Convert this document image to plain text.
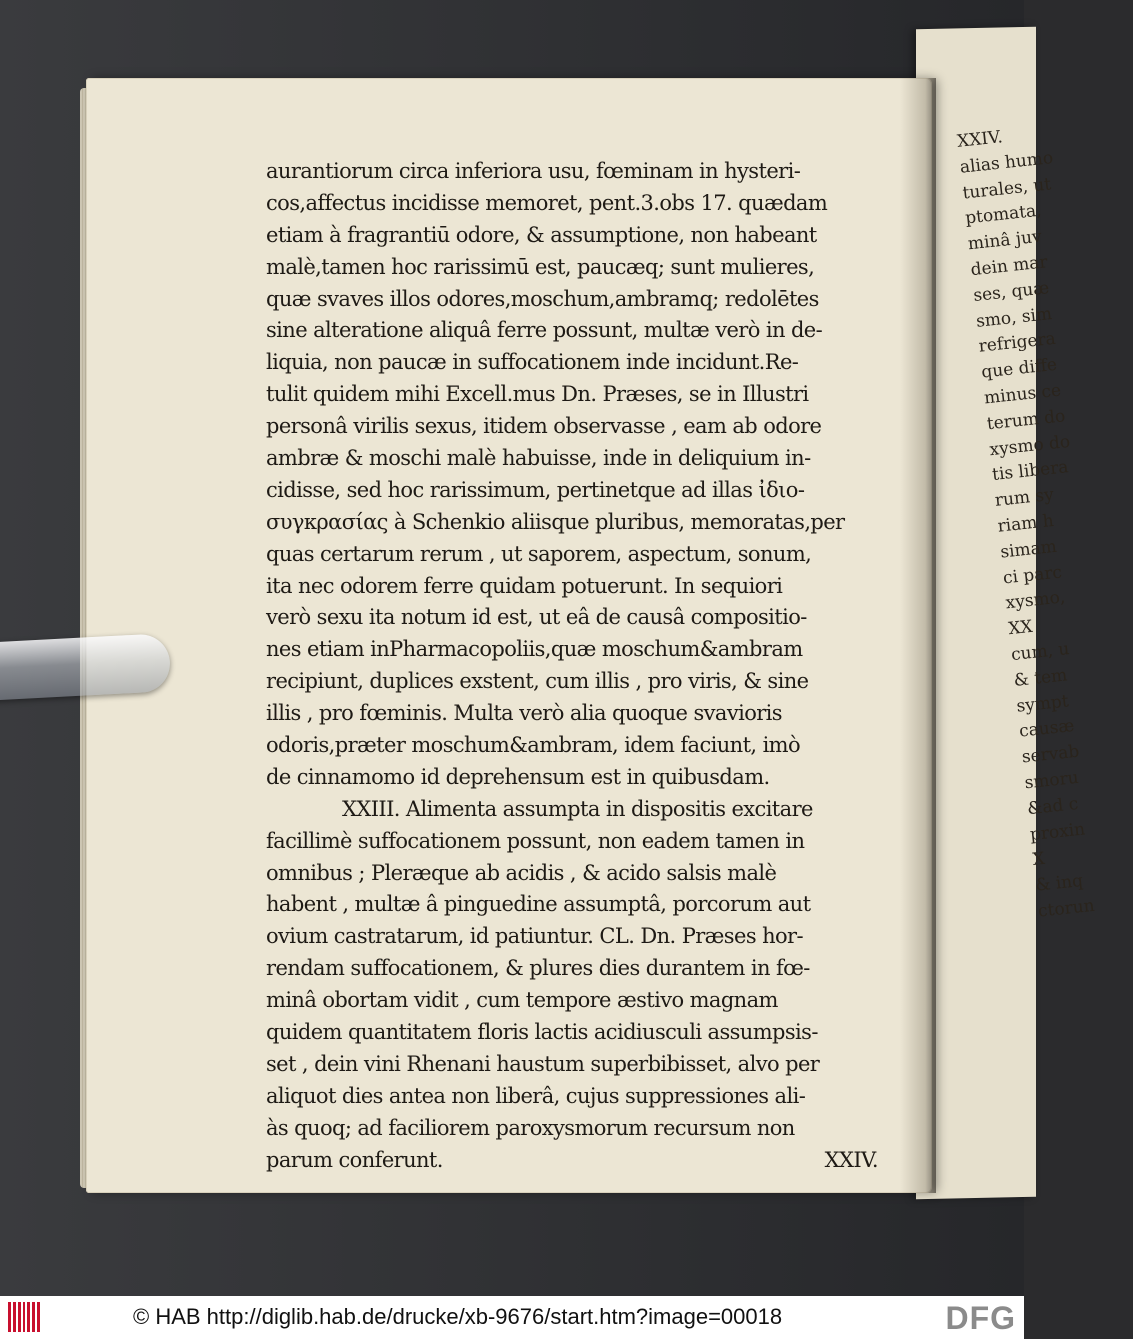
XXIV.
alias humo
turales, ut
ptomata,
minâ juv
dein mar
ses, quæ
smo, sim
refrigera
que diffe
minus ce
terum do
xysmo do
tis libera
rum sy
riam h
simam
ci parc
xysmo,
XX
cum, u
& tem
sympt
causæ
servab
smoru
&ad c
proxin
X
& inq
ctorun
aurantiorum circa inferiora usu, fœminam in hysteri-
cos,affectus incidisse memoret, pent.3.obs 17. quædam
etiam à fragrantiū odore, & assumptione, non habeant
malè,tamen hoc rarissimū est, paucæq; sunt mulieres,
quæ svaves illos odores,moschum,ambramq; redolētes
sine alteratione aliquâ ferre possunt, multæ verò in de-
liquia, non paucæ in suffocationem inde incidunt.Re-
tulit quidem mihi Excell.mus Dn. Præses, se in Illustri
personâ virilis sexus, itidem observasse , eam ab odore
ambræ & moschi malè habuisse, inde in deliquium in-
cidisse, sed hoc rarissimum, pertinetque ad illas ἰδιο-
συγκρασίας à Schenkio aliisque pluribus, memoratas,per
quas certarum rerum , ut saporem, aspectum, sonum,
ita nec odorem ferre quidam potuerunt. In sequiori
verò sexu ita notum id est, ut eâ de causâ compositio-
nes etiam inPharmacopoliis,quæ moschum&ambram
recipiunt, duplices exstent, cum illis , pro viris, & sine
illis , pro fœminis. Multa verò alia quoque svavioris
odoris,præter moschum&ambram, idem faciunt, imò
de cinnamomo id deprehensum est in quibusdam.
XXIII. Alimenta assumpta in dispositis excitare
facillimè suffocationem possunt, non eadem tamen in
omnibus ; Pleræque ab acidis , & acido salsis malè
habent , multæ â pinguedine assumptâ, porcorum aut
ovium castratarum, id patiuntur. CL. Dn. Præses hor-
rendam suffocationem, & plures dies durantem in fœ-
minâ obortam vidit , cum tempore æstivo magnam
quidem quantitatem floris lactis acidiusculi assumpsis-
set , dein vini Rhenani haustum superbibisset, alvo per
aliquot dies antea non liberâ, cujus suppressiones ali-
às quoq; ad faciliorem paroxysmorum recursum non
parum conferunt.	XXIV.
© HAB http://diglib.hab.de/drucke/xb-9676/start.htm?image=00018	DFG
